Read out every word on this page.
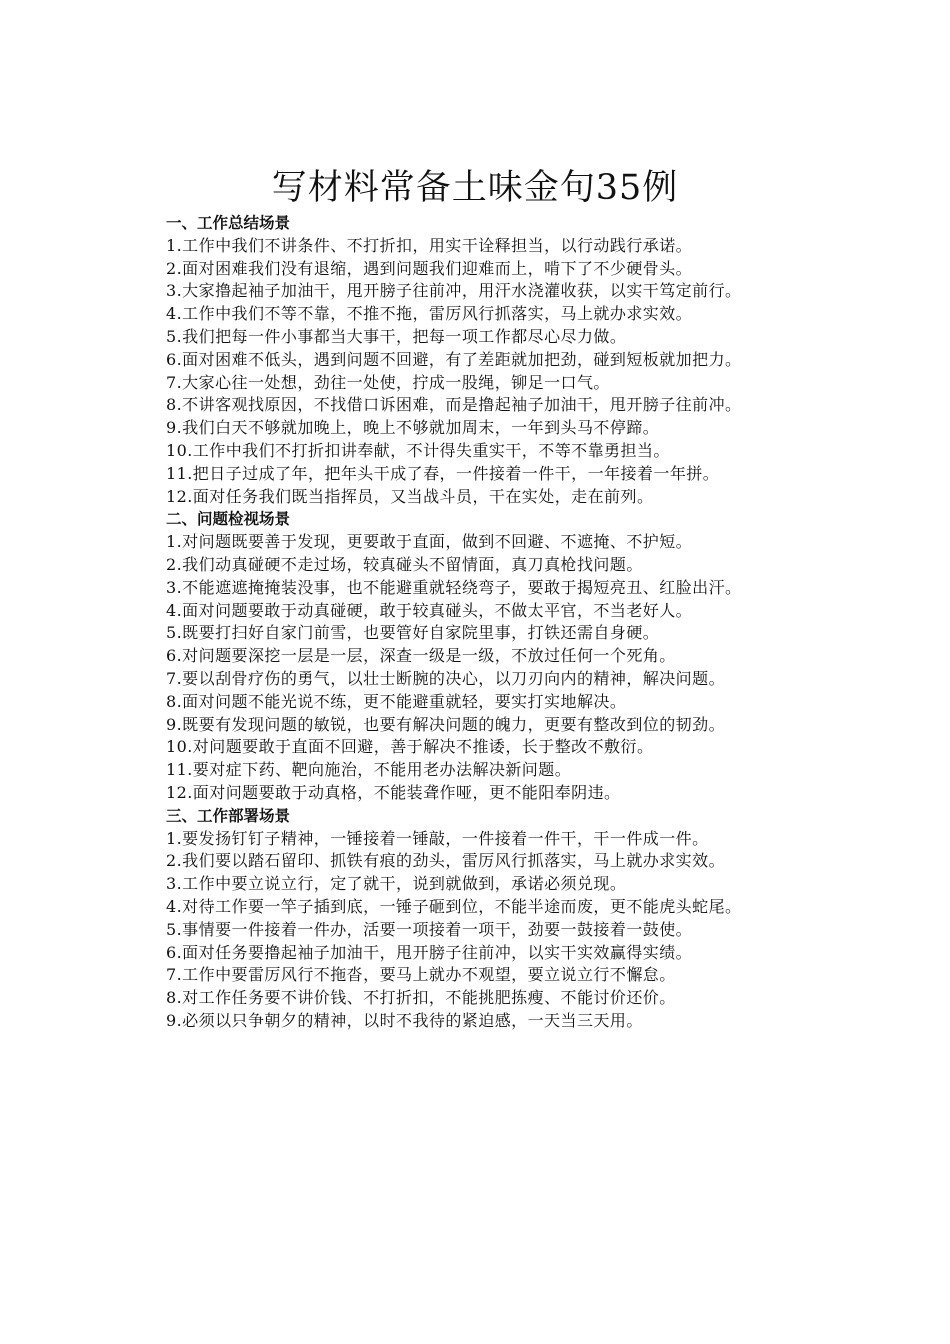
写材料常备土味金句35例

一、工作总结场景

1.工作中我们不讲条件、不打折扣，用实干诠释担当，以行动践行承诺。

2.面对困难我们没有退缩，遇到问题我们迎难而上，啃下了不少硬骨头。

3.大家撸起袖子加油干，甩开膀子往前冲，用汗水浇灌收获，以实干笃定前行。

4.工作中我们不等不靠，不推不拖，雷厉风行抓落实，马上就办求实效。

5.我们把每一件小事都当大事干，把每一项工作都尽心尽力做。

6.面对困难不低头，遇到问题不回避，有了差距就加把劲，碰到短板就加把力。

7.大家心往一处想，劲往一处使，拧成一股绳，铆足一口气。

8.不讲客观找原因，不找借口诉困难，而是撸起袖子加油干，甩开膀子往前冲。

9.我们白天不够就加晚上，晚上不够就加周末，一年到头马不停蹄。

10.工作中我们不打折扣讲奉献，不计得失重实干，不等不靠勇担当。

11.把日子过成了年，把年头干成了春，一件接着一件干，一年接着一年拼。

12.面对任务我们既当指挥员，又当战斗员，干在实处，走在前列。

二、问题检视场景

1.对问题既要善于发现，更要敢于直面，做到不回避、不遮掩、不护短。

2.我们动真碰硬不走过场，较真碰头不留情面，真刀真枪找问题。

3.不能遮遮掩掩装没事，也不能避重就轻绕弯子，要敢于揭短亮丑、红脸出汗。

4.面对问题要敢于动真碰硬，敢于较真碰头，不做太平官，不当老好人。

5.既要打扫好自家门前雪，也要管好自家院里事，打铁还需自身硬。

6.对问题要深挖一层是一层，深查一级是一级，不放过任何一个死角。

7.要以刮骨疗伤的勇气，以壮士断腕的决心，以刀刃向内的精神，解决问题。

8.面对问题不能光说不练，更不能避重就轻，要实打实地解决。

9.既要有发现问题的敏锐，也要有解决问题的魄力，更要有整改到位的韧劲。

10.对问题要敢于直面不回避，善于解决不推诿，长于整改不敷衍。

11.要对症下药、靶向施治，不能用老办法解决新问题。

12.面对问题要敢于动真格，不能装聋作哑，更不能阳奉阴违。

三、工作部署场景

1.要发扬钉钉子精神，一锤接着一锤敲，一件接着一件干，干一件成一件。

2.我们要以踏石留印、抓铁有痕的劲头，雷厉风行抓落实，马上就办求实效。

3.工作中要立说立行，定了就干，说到就做到，承诺必须兑现。

4.对待工作要一竿子插到底，一锤子砸到位，不能半途而废，更不能虎头蛇尾。

5.事情要一件接着一件办，活要一项接着一项干，劲要一鼓接着一鼓使。

6.面对任务要撸起袖子加油干，甩开膀子往前冲，以实干实效赢得实绩。

7.工作中要雷厉风行不拖沓，要马上就办不观望，要立说立行不懈怠。

8.对工作任务要不讲价钱、不打折扣，不能挑肥拣瘦、不能讨价还价。

9.必须以只争朝夕的精神，以时不我待的紧迫感，一天当三天用。
